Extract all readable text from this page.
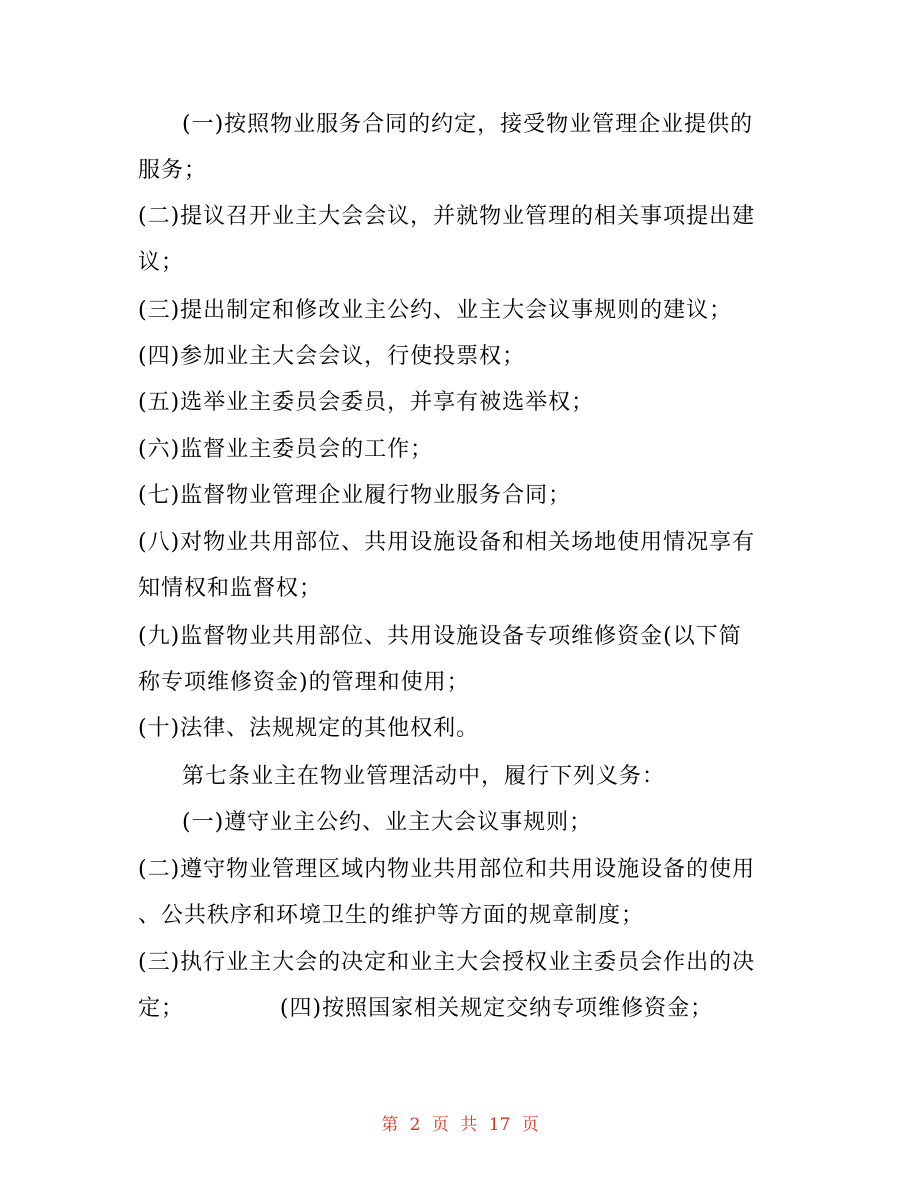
(一)按照物业服务合同的约定，接受物业管理企业提供的
服务；
(二)提议召开业主大会会议，并就物业管理的相关事项提出建
议；
(三)提出制定和修改业主公约、业主大会议事规则的建议；
(四)参加业主大会会议，行使投票权；
(五)选举业主委员会委员，并享有被选举权；
(六)监督业主委员会的工作；
(七)监督物业管理企业履行物业服务合同；
(八)对物业共用部位、共用设施设备和相关场地使用情况享有
知情权和监督权；
(九)监督物业共用部位、共用设施设备专项维修资金(以下简
称专项维修资金)的管理和使用；
(十)法律、法规规定的其他权利。
第七条业主在物业管理活动中，履行下列义务：
(一)遵守业主公约、业主大会议事规则；
(二)遵守物业管理区域内物业共用部位和共用设施设备的使用
、公共秩序和环境卫生的维护等方面的规章制度；
(三)执行业主大会的决定和业主大会授权业主委员会作出的决
定；            (四)按照国家相关规定交纳专项维修资金；
第 2 页 共 17 页
